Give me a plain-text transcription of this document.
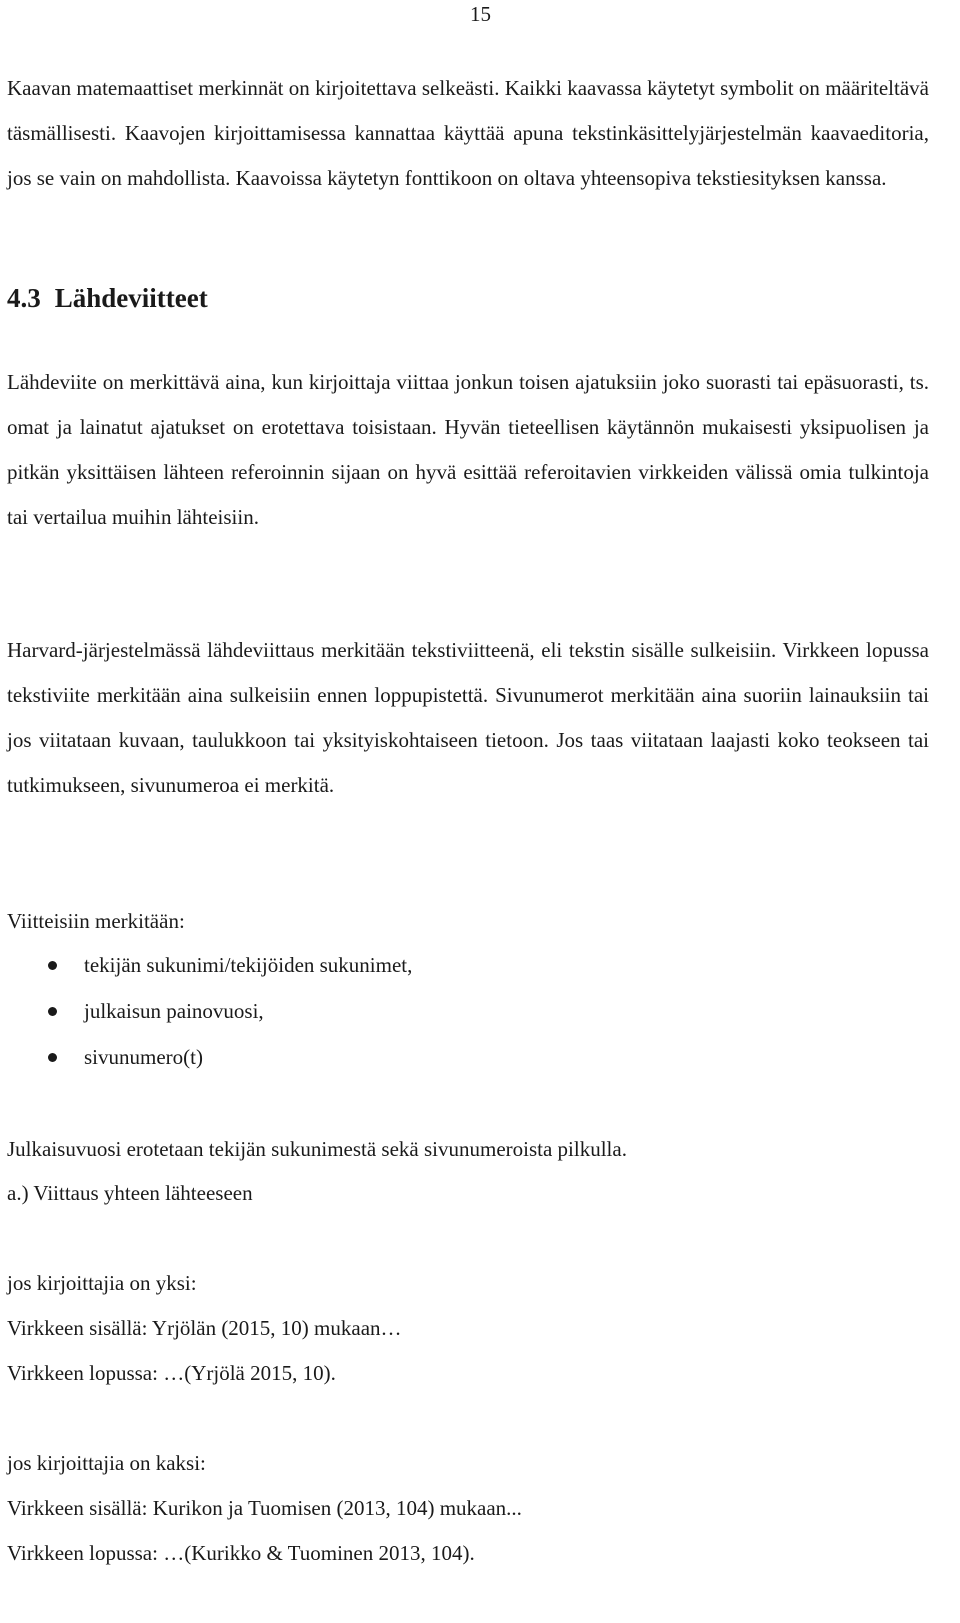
15

Kaavan matemaattiset merkinnät on kirjoitettava selkeästi. Kaikki kaavassa käytetyt symbolit on määriteltävä täsmällisesti. Kaavojen kirjoittamisessa kannattaa käyttää apuna tekstinkäsittelyjärjestelmän kaavaeditoria, jos se vain on mahdollista. Kaavoissa käytetyn fonttikoon on oltava yhteensopiva tekstiesityksen kanssa.

4.3 Lähdeviitteet

Lähdeviite on merkittävä aina, kun kirjoittaja viittaa jonkun toisen ajatuksiin joko suorasti tai epäsuorasti, ts. omat ja lainatut ajatukset on erotettava toisistaan. Hyvän tieteellisen käytännön mukaisesti yksipuolisen ja pitkän yksittäisen lähteen referoinnin sijaan on hyvä esittää referoitavien virkkeiden välissä omia tulkintoja tai vertailua muihin lähteisiin.

Harvard-järjestelmässä lähdeviittaus merkitään tekstiviitteenä, eli tekstin sisälle sulkeisiin. Virkkeen lopussa tekstiviite merkitään aina sulkeisiin ennen loppupistettä. Sivunumerot merkitään aina suoriin lainauksiin tai jos viitataan kuvaan, taulukkoon tai yksityiskohtaiseen tietoon. Jos taas viitataan laajasti koko teokseen tai tutkimukseen, sivunumeroa ei merkitä.

Viitteisiin merkitään:

tekijän sukunimi/tekijöiden sukunimet,
julkaisun painovuosi,
sivunumero(t)

Julkaisuvuosi erotetaan tekijän sukunimestä sekä sivunumeroista pilkulla.

a.) Viittaus yhteen lähteeseen

jos kirjoittajia on yksi:

Virkkeen sisällä: Yrjölän (2015, 10) mukaan…

Virkkeen lopussa: …(Yrjölä 2015, 10).

jos kirjoittajia on kaksi:

Virkkeen sisällä: Kurikon ja Tuomisen (2013, 104) mukaan...

Virkkeen lopussa: …(Kurikko & Tuominen 2013, 104).
